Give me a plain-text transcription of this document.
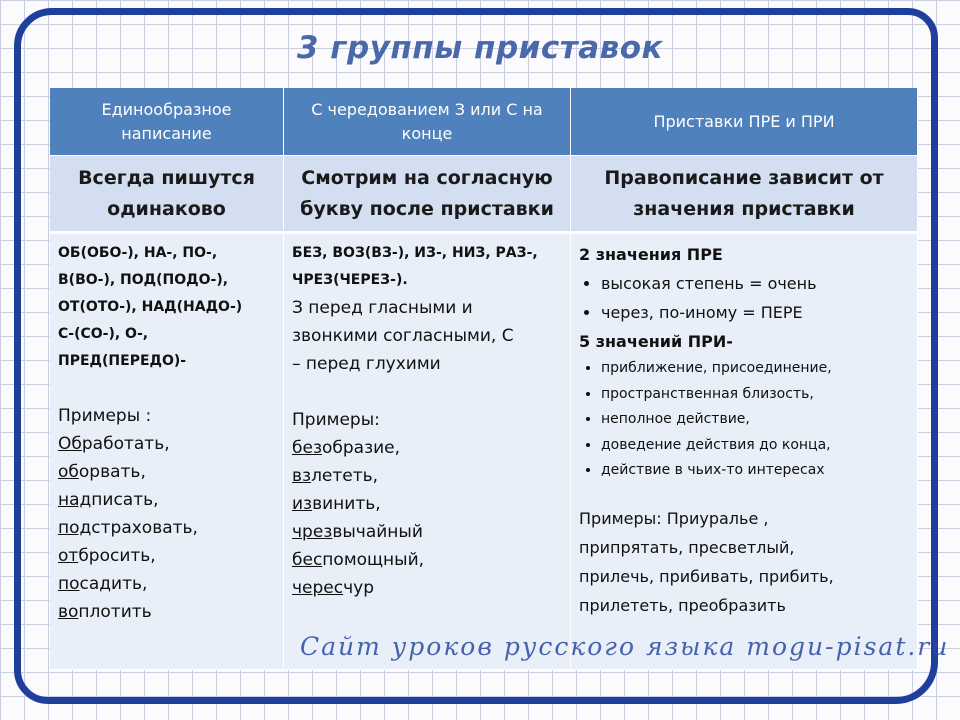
3 группы приставок
Единообразное написание
С чередованием З или С на конце
Приставки ПРЕ и ПРИ
Всегда пишутся одинаково
Смотрим на согласную букву после приставки
Правописание зависит от значения приставки
ОБ(ОБО-), НА-, ПО-,
В(ВО-), ПОД(ПОДО-),
ОТ(ОТО-), НАД(НАДО-)
С-(СО-), О-,
ПРЕД(ПЕРЕДО)-
Примеры :
Обработать,
оборвать,
надписать,
подстраховать,
отбросить,
посадить,
воплотить
БЕЗ, ВОЗ(ВЗ-), ИЗ-, НИЗ, РАЗ-,
ЧРЕЗ(ЧЕРЕЗ-).
З перед гласными и
звонкими согласными, С
– перед глухими
Примеры:
безобразие,
взлететь,
извинить,
чрезвычайный
беспомощный,
чересчур
2 значения ПРЕ
• высокая степень = очень
• через, по-иному = ПЕРЕ
5 значений ПРИ-
• приближение, присоединение,
• пространственная близость,
• неполное действие,
• доведение действия до конца,
• действие в чьих-то интересах
Примеры: Приуралье ,
припрятать, пресветлый,
прилечь, прибивать, прибить,
прилететь, преобразить
Сайт уроков русского языка mogu-pisat.ru
